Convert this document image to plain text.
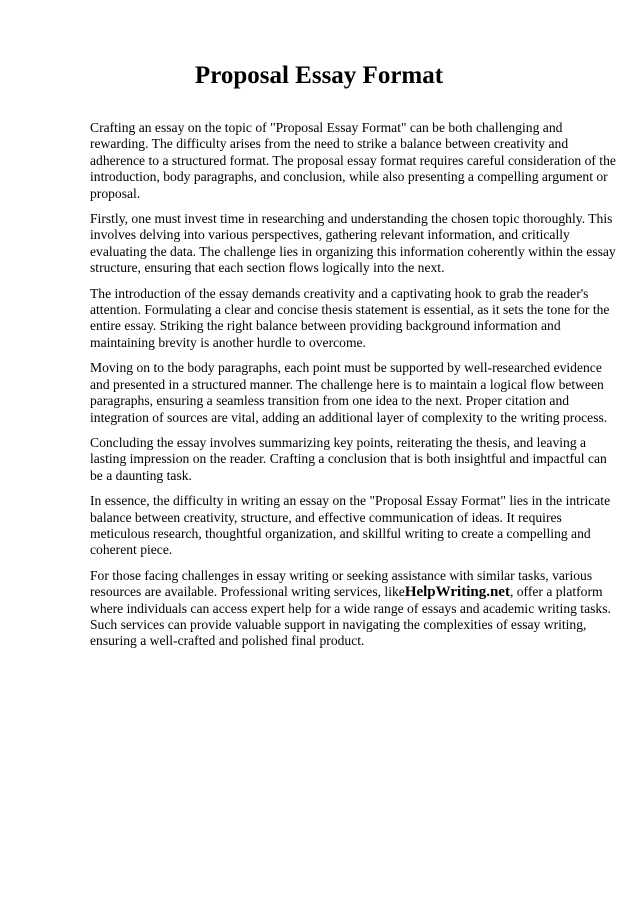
Proposal Essay Format

Crafting an essay on the topic of "Proposal Essay Format" can be both challenging and
rewarding. The difficulty arises from the need to strike a balance between creativity and
adherence to a structured format. The proposal essay format requires careful consideration of the
introduction, body paragraphs, and conclusion, while also presenting a compelling argument or
proposal.

Firstly, one must invest time in researching and understanding the chosen topic thoroughly. This
involves delving into various perspectives, gathering relevant information, and critically
evaluating the data. The challenge lies in organizing this information coherently within the essay
structure, ensuring that each section flows logically into the next.

The introduction of the essay demands creativity and a captivating hook to grab the reader's
attention. Formulating a clear and concise thesis statement is essential, as it sets the tone for the
entire essay. Striking the right balance between providing background information and
maintaining brevity is another hurdle to overcome.

Moving on to the body paragraphs, each point must be supported by well-researched evidence
and presented in a structured manner. The challenge here is to maintain a logical flow between
paragraphs, ensuring a seamless transition from one idea to the next. Proper citation and
integration of sources are vital, adding an additional layer of complexity to the writing process.

Concluding the essay involves summarizing key points, reiterating the thesis, and leaving a
lasting impression on the reader. Crafting a conclusion that is both insightful and impactful can
be a daunting task.

In essence, the difficulty in writing an essay on the "Proposal Essay Format" lies in the intricate
balance between creativity, structure, and effective communication of ideas. It requires
meticulous research, thoughtful organization, and skillful writing to create a compelling and
coherent piece.

For those facing challenges in essay writing or seeking assistance with similar tasks, various
resources are available. Professional writing services, likeHelpWriting.net, offer a platform
where individuals can access expert help for a wide range of essays and academic writing tasks.
Such services can provide valuable support in navigating the complexities of essay writing,
ensuring a well-crafted and polished final product.
